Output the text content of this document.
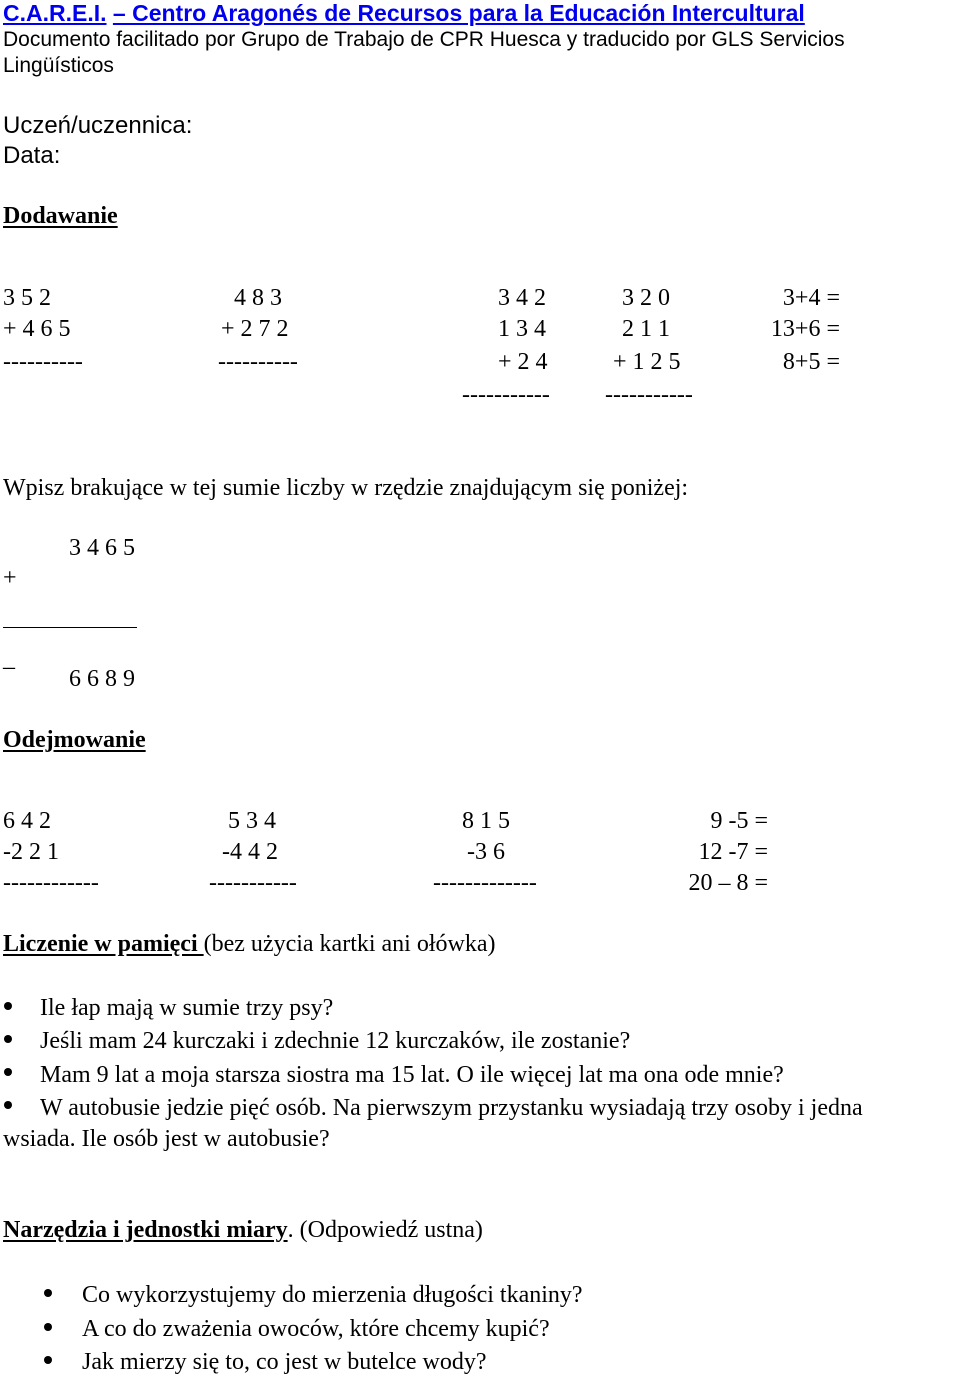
C.A.R.E.I. – Centro Aragonés de Recursos para la Educación Intercultural
Documento facilitado por Grupo de Trabajo de CPR Huesca y traducido por GLS Servicios
Lingüísticos
Uczeń/uczennica:
Data:
Dodawanie
3 5 2
+ 4 6 5
----------
4 8 3
+ 2 7 2
----------
3 4 2
1 3 4
+ 2 4
-----------
3 2 0
2 1 1
+ 1 2 5
-----------
3+4 =
13+6 =
8+5 =
Wpisz brakujące w tej sumie liczby w rzędzie znajdującym się poniżej:
3 4 6 5
+
_
6 6 8 9
Odejmowanie
6 4 2
-2 2 1
------------
5 3 4
-4 4 2
-----------
8 1 5
-3 6
-------------
9 -5 =
12 -7 =
20 – 8 =
Liczenie w pamięci (bez użycia kartki ani ołówka)
Ile łap mają w sumie trzy psy?
Jeśli mam 24 kurczaki i zdechnie 12 kurczaków, ile zostanie?
Mam 9 lat a moja starsza siostra ma 15 lat. O ile więcej lat ma ona ode mnie?
W autobusie jedzie pięć osób. Na pierwszym przystanku wysiadają trzy osoby i jedna
wsiada. Ile osób jest w autobusie?
Narzędzia i jednostki miary. (Odpowiedź ustna)
Co wykorzystujemy do mierzenia długości tkaniny?
A co do zważenia owoców, które chcemy kupić?
Jak mierzy się to, co jest w butelce wody?
